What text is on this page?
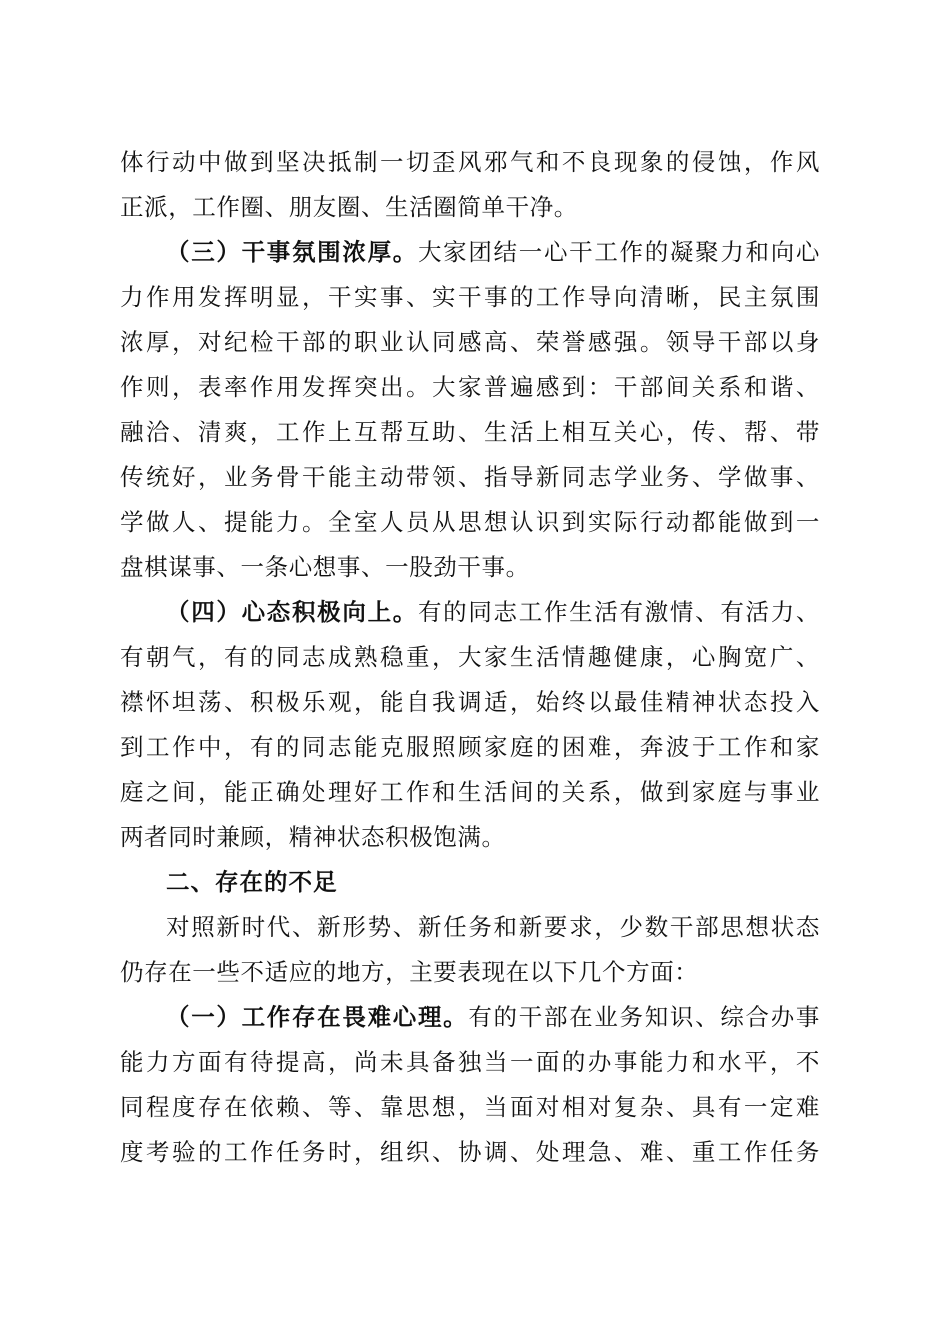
体行动中做到坚决抵制一切歪风邪气和不良现象的侵蚀，作风
正派，工作圈、朋友圈、生活圈简单干净。
（三）干事氛围浓厚。大家团结一心干工作的凝聚力和向心
力作用发挥明显，干实事、实干事的工作导向清晰，民主氛围
浓厚，对纪检干部的职业认同感高、荣誉感强。领导干部以身
作则，表率作用发挥突出。大家普遍感到：干部间关系和谐、
融洽、清爽，工作上互帮互助、生活上相互关心，传、帮、带
传统好，业务骨干能主动带领、指导新同志学业务、学做事、
学做人、提能力。全室人员从思想认识到实际行动都能做到一
盘棋谋事、一条心想事、一股劲干事。
（四）心态积极向上。有的同志工作生活有激情、有活力、
有朝气，有的同志成熟稳重，大家生活情趣健康，心胸宽广、
襟怀坦荡、积极乐观，能自我调适，始终以最佳精神状态投入
到工作中，有的同志能克服照顾家庭的困难，奔波于工作和家
庭之间，能正确处理好工作和生活间的关系，做到家庭与事业
两者同时兼顾，精神状态积极饱满。
二、存在的不足
对照新时代、新形势、新任务和新要求，少数干部思想状态
仍存在一些不适应的地方，主要表现在以下几个方面：
（一）工作存在畏难心理。有的干部在业务知识、综合办事
能力方面有待提高，尚未具备独当一面的办事能力和水平，不
同程度存在依赖、等、靠思想，当面对相对复杂、具有一定难
度考验的工作任务时，组织、协调、处理急、难、重工作任务
